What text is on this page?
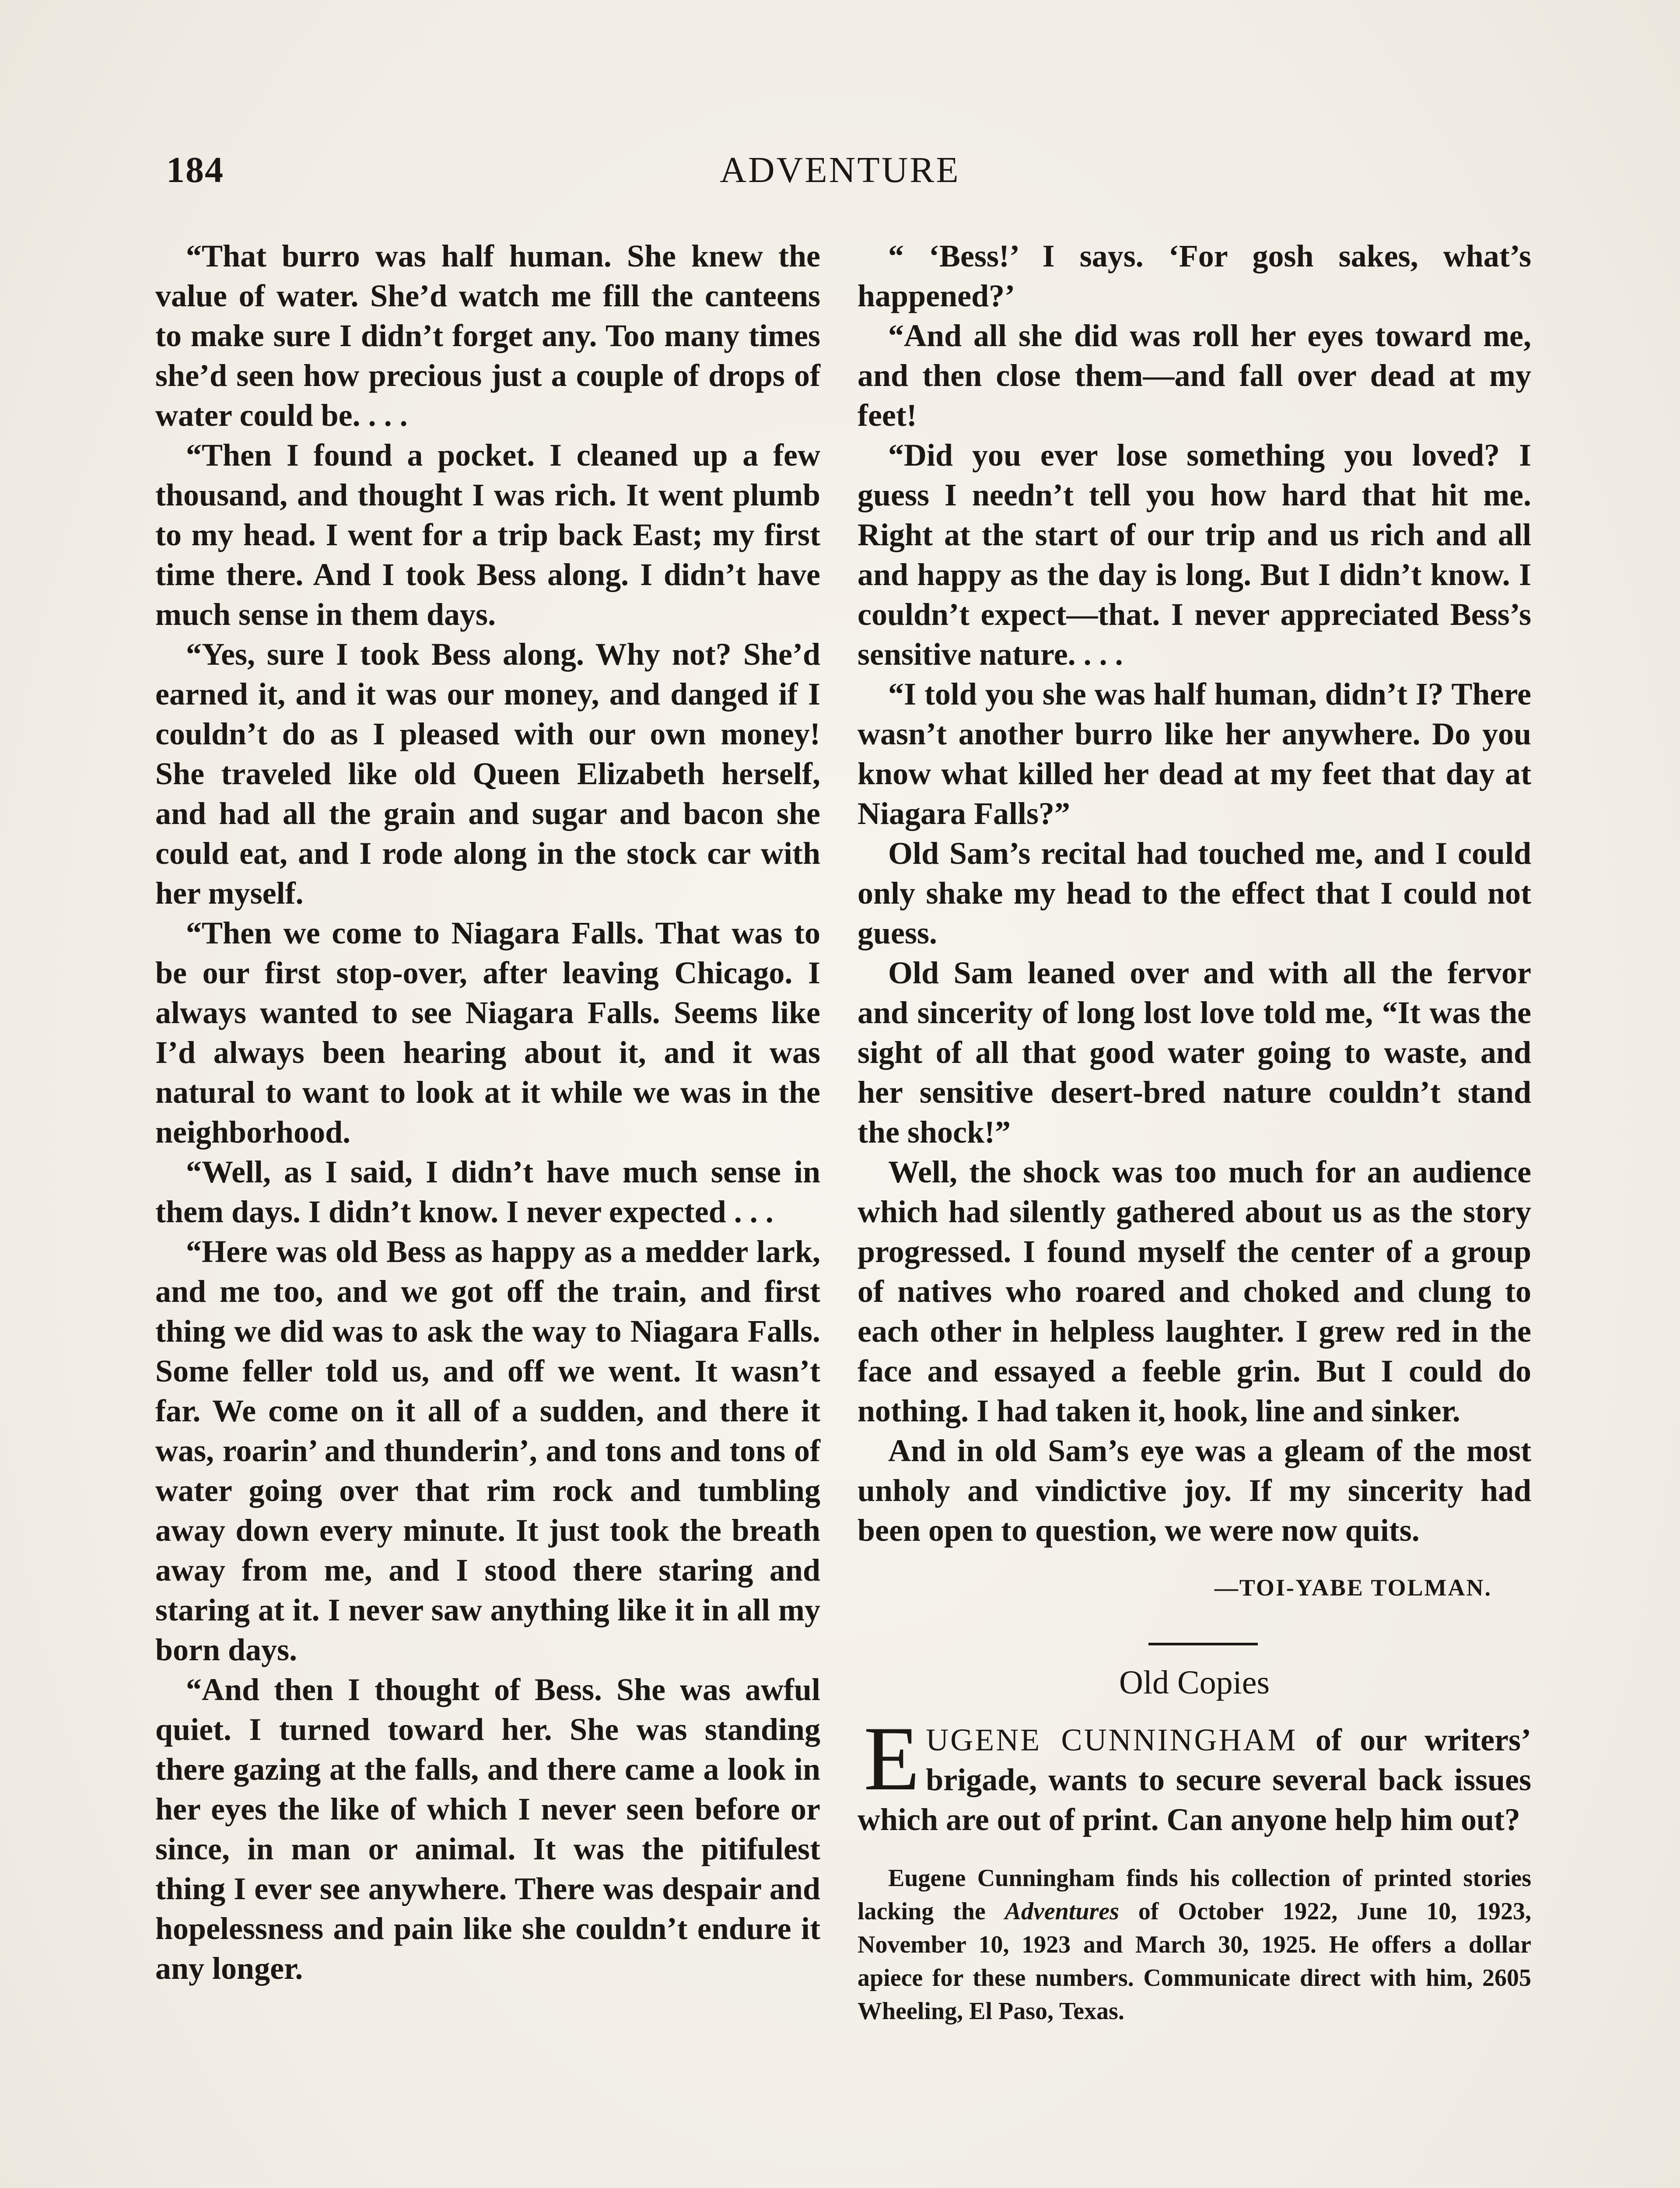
184	ADVENTURE

“That burro was half human. She knew the value of water. She’d watch me fill the canteens to make sure I didn’t forget any. Too many times she’d seen how precious just a couple of drops of water could be. . . .

“Then I found a pocket. I cleaned up a few thousand, and thought I was rich. It went plumb to my head. I went for a trip back East; my first time there. And I took Bess along. I didn’t have much sense in them days.

“Yes, sure I took Bess along. Why not? She’d earned it, and it was our money, and danged if I couldn’t do as I pleased with our own money! She traveled like old Queen Elizabeth herself, and had all the grain and sugar and bacon she could eat, and I rode along in the stock car with her myself.

“Then we come to Niagara Falls. That was to be our first stop-over, after leaving Chicago. I always wanted to see Niagara Falls. Seems like I’d always been hearing about it, and it was natural to want to look at it while we was in the neighborhood.

“Well, as I said, I didn’t have much sense in them days. I didn’t know. I never expected . . .

“Here was old Bess as happy as a medder lark, and me too, and we got off the train, and first thing we did was to ask the way to Niagara Falls. Some feller told us, and off we went. It wasn’t far. We come on it all of a sudden, and there it was, roarin’ and thunderin’, and tons and tons of water going over that rim rock and tumbling away down every minute. It just took the breath away from me, and I stood there staring and staring at it. I never saw anything like it in all my born days.

“And then I thought of Bess. She was awful quiet. I turned toward her. She was standing there gazing at the falls, and there came a look in her eyes the like of which I never seen before or since, in man or animal. It was the pitifulest thing I ever see anywhere. There was despair and hopelessness and pain like she couldn’t endure it any longer.

“ ‘Bess!’ I says. ‘For gosh sakes, what’s happened?’

“And all she did was roll her eyes toward me, and then close them—and fall over dead at my feet!

“Did you ever lose something you loved? I guess I needn’t tell you how hard that hit me. Right at the start of our trip and us rich and all and happy as the day is long. But I didn’t know. I couldn’t expect—that. I never appreciated Bess’s sensitive nature. . . .

“I told you she was half human, didn’t I? There wasn’t another burro like her anywhere. Do you know what killed her dead at my feet that day at Niagara Falls?”

Old Sam’s recital had touched me, and I could only shake my head to the effect that I could not guess.

Old Sam leaned over and with all the fervor and sincerity of long lost love told me, “It was the sight of all that good water going to waste, and her sensitive desert-bred nature couldn’t stand the shock!”

Well, the shock was too much for an audience which had silently gathered about us as the story progressed. I found myself the center of a group of natives who roared and choked and clung to each other in helpless laughter. I grew red in the face and essayed a feeble grin. But I could do nothing. I had taken it, hook, line and sinker.

And in old Sam’s eye was a gleam of the most unholy and vindictive joy. If my sincerity had been open to question, we were now quits.

—TOI-YABE TOLMAN.
Old Copies

EUGENE CUNNINGHAM of our writers’ brigade, wants to secure several back issues which are out of print. Can anyone help him out?

Eugene Cunningham finds his collection of printed stories lacking the Adventures of October 1922, June 10, 1923, November 10, 1923 and March 30, 1925. He offers a dollar apiece for these numbers. Communicate direct with him, 2605 Wheeling, El Paso, Texas.
